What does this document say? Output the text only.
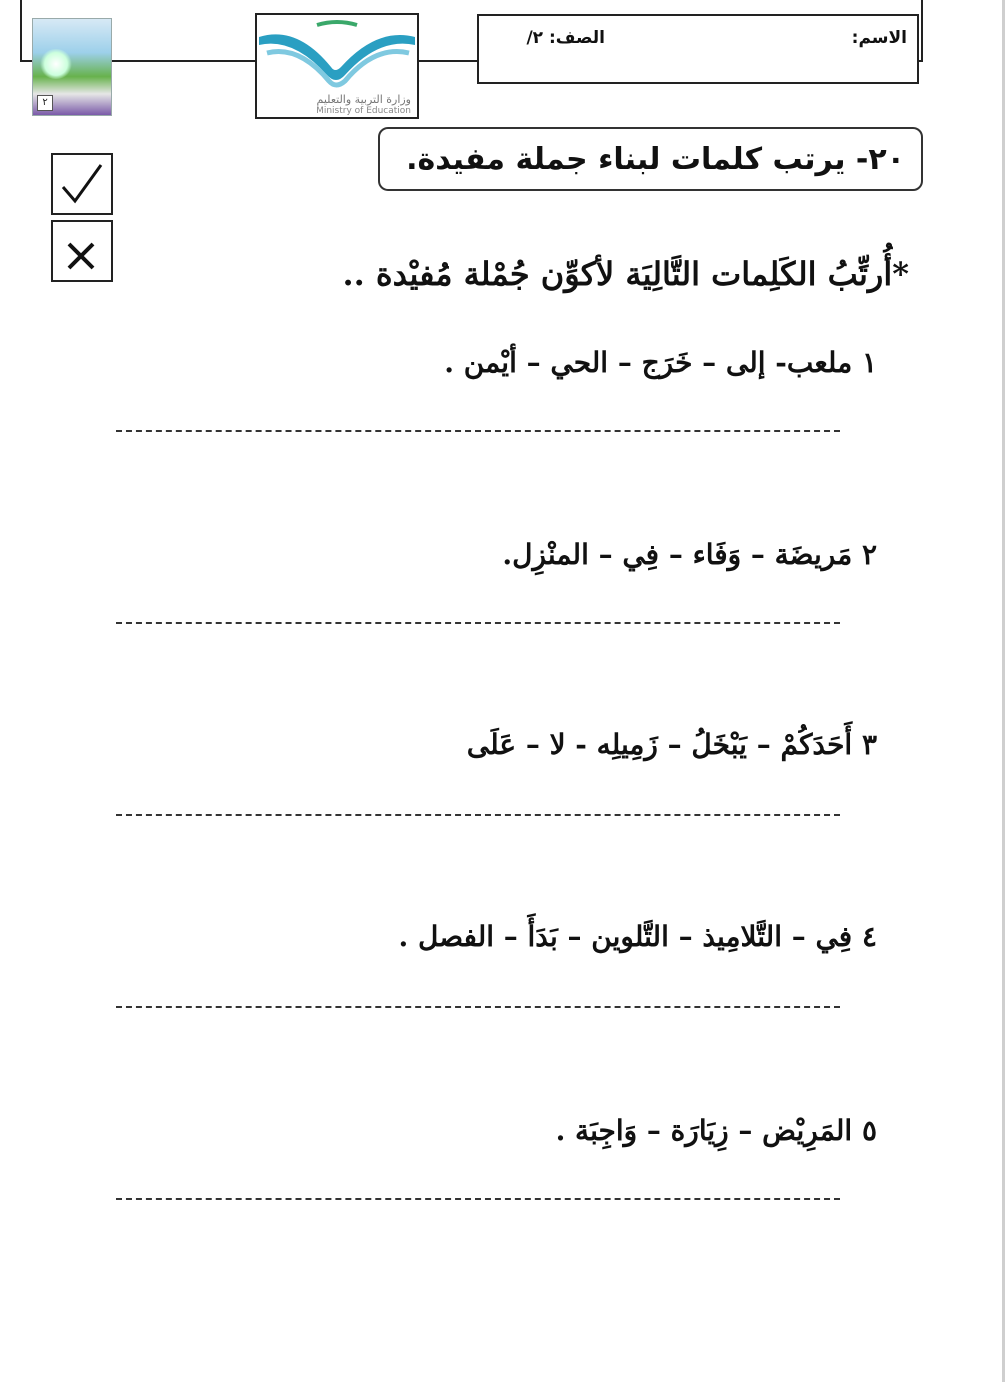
٢	وزارة التربية والتعليم
Ministry of Education
الاسم:
الصف: ٢/
٢٠- يرتب كلمات لبناء جملة مفيدة.
*أُرتِّبُ الكَلِمات التَّالِيَة لأكوِّن جُمْلة مُفيْدة ..
١ ملعب- إلى – خَرَج – الحي – أيْمن .
٢ مَريضَة – وَفَاء – فِي – المنْزِل.
٣ أَحَدَكُمْ – يَبْخَلُ – زَمِيلِه - لا – عَلَى
٤ فِي – التَّلامِيذ – التَّلوين – بَدَأَ – الفصل .
٥ المَرِيْض – زِيَارَة – وَاجِبَة .
